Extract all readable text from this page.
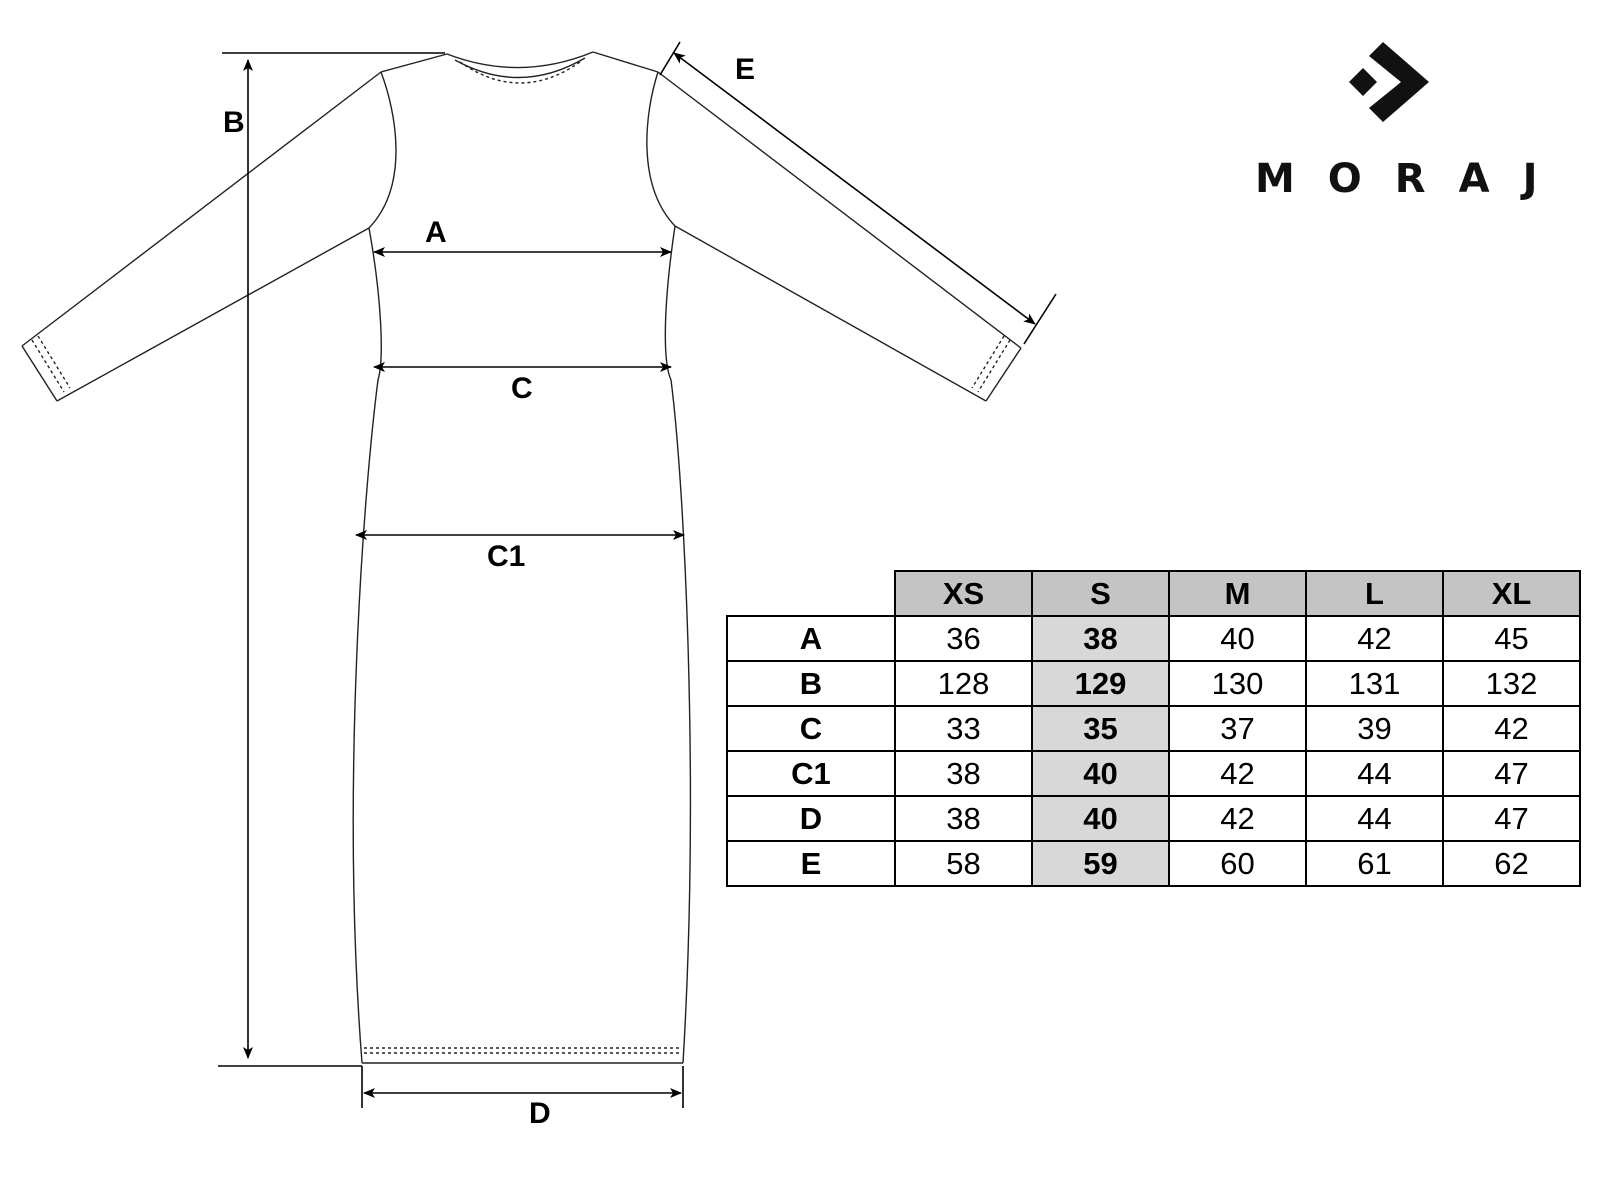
B
A
C
C1
D
E
MORAJ
	XS	S	M	L	XL
A	36	38	40	42	45
B	128	129	130	131	132
C	33	35	37	39	42
C1	38	40	42	44	47
D	38	40	42	44	47
E	58	59	60	61	62
